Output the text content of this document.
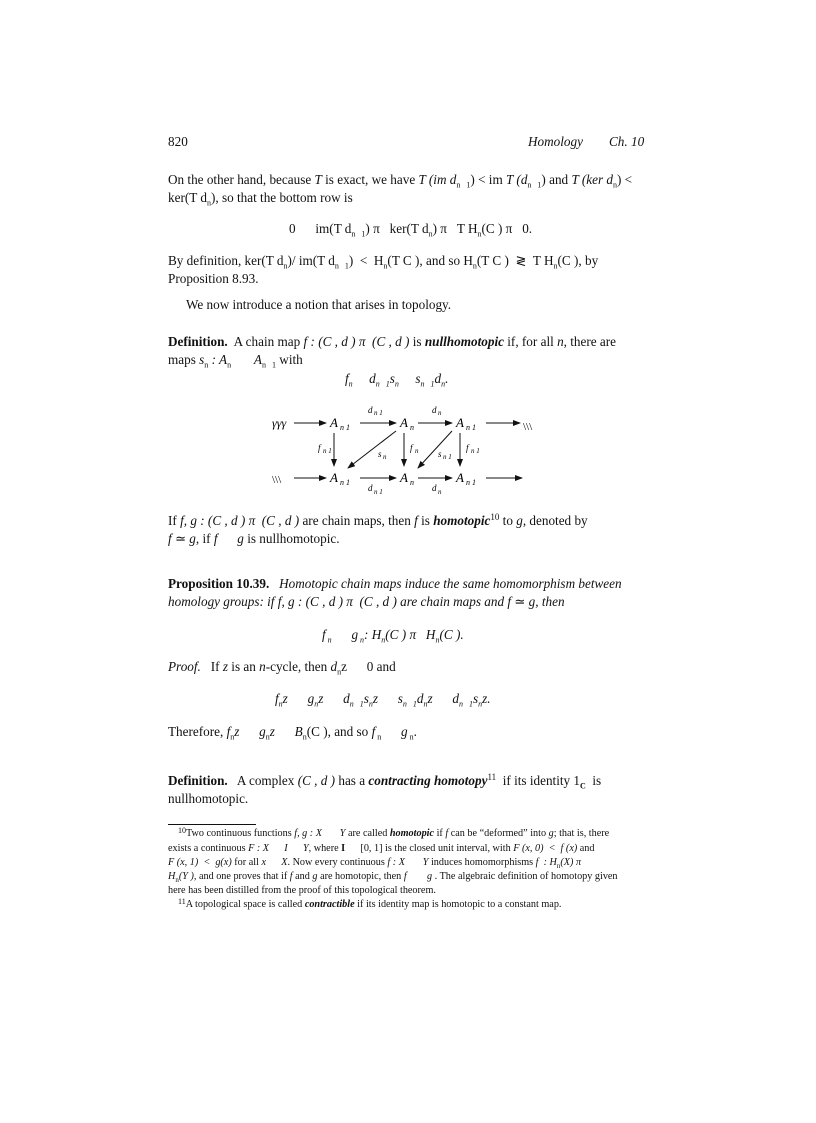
820	Homology Ch. 10
On the other hand, because T is exact, we have T (im $d_{n 1}$) < im T $(d_{n 1})$ and T (ker $d_n$) <
ker(T $d_n$), so that the bottom row is
0      im(T $d_{n 1}$) π   ker(T $d_n$) π   T $H_n(C$ ) π   0.
By definition, ker(T $d_n)/$ im(T $d_{n 1}) < H_n(T$ C ), and so $H_n(T$ C )  ≷  T $H_n(C$ ), by
Proposition 8.93.
We now introduce a notion that arises in topology.
Definition.  A chain map f : (C , d ) π  (C , d ) is nullhomotopic if, for all n, there are
maps $s_n$ : $A_n$       $A_{n 1}$ with
$f_n$     $d_{n 1}s_n$     $s_{n 1}d_n$.
γγγ	A n 1
d n 1
A n
d n
A n 1	\\\
f n 1	f n	f n 1
s n	s n 1
\\\	A n 1
d n 1
A n
d n
A n 1
If f, g : (C , d ) π  (C , d ) are chain maps, then f is homotopic$^{10}$ to g, denoted by
f ≃ g, if f      g is nullhomotopic.
Proposition 10.39.   Homotopic chain maps induce the same homomorphism between
homology groups: if f, g : (C , d ) π  (C , d ) are chain maps and f ≃ g, then
f $_n$      g $_n$: $H_n(C$ ) π   $H_n(C$ ).
Proof.   If z is an n-cycle, then $d_nz$      0 and
$f_nz$      $g_nz$      $d_{n 1}s_nz$      $s_{n 1}d_nz$      $d_{n 1}s_nz$.
Therefore, $f_nz$      $g_nz$      $B_n(C$ ), and so f $_n$      g $_n$.
Definition.   A complex (C , d ) has a contracting homotopy$^{11}$  if its identity $1_C$  is
nullhomotopic.
$^{10}$Two continuous functions f, g : X       Y are called homotopic if f can be “deformed” into g; that is, there
exists a continuous F : X      I      Y, where I      [0, 1] is the closed unit interval, with F (x, 0)  <  f (x) and
F (x, 1)  <  g(x) for all x      X. Now every continuous f : X       Y induces homomorphisms f  : $H_n(X)$ π
$H_n(Y$ ), and one proves that if f and g are homotopic, then f        g . The algebraic definition of homotopy given
here has been distilled from the proof of this topological theorem.
$^{11}$A topological space is called contractible if its identity map is homotopic to a constant map.
